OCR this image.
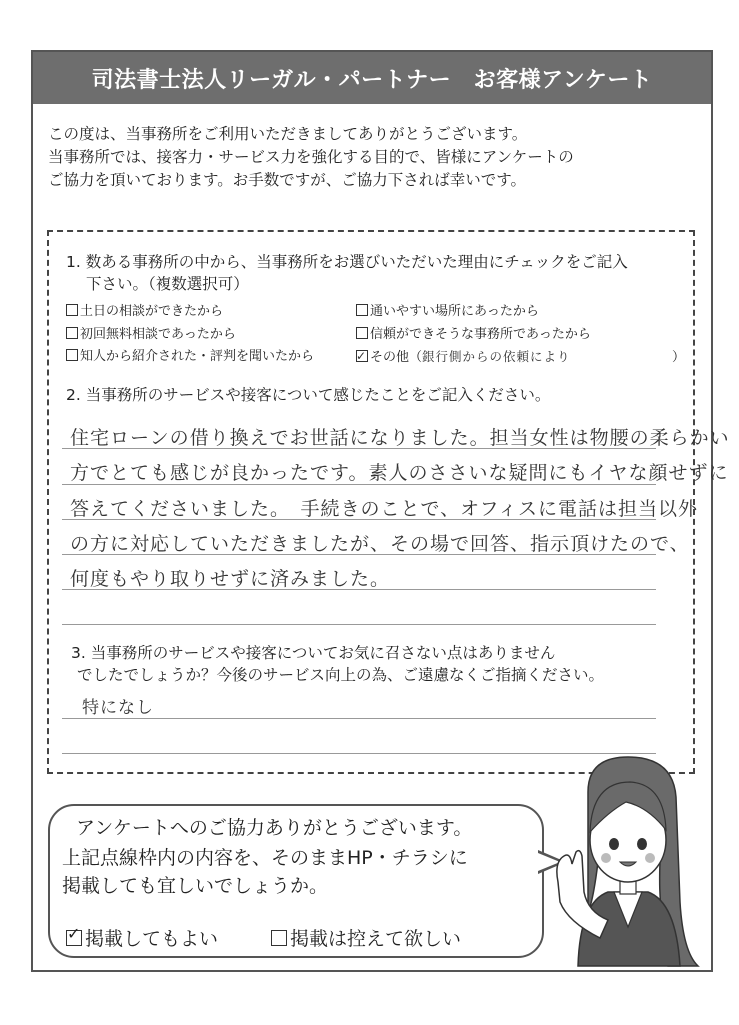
司法書士法人リーガル・パートナー　お客様アンケート
この度は、当事務所をご利用いただきましてありがとうございます。
当事務所では、接客力・サービス力を強化する目的で、皆様にアンケートの
ご協力を頂いております。お手数ですが、ご協力下されば幸いです。
1. 数ある事務所の中から、当事務所をお選びいただいた理由にチェックをご記入
下さい。（複数選択可）
土日の相談ができたから
初回無料相談であったから
知人から紹介された・評判を聞いたから
通いやすい場所にあったから
信頼ができそうな事務所であったから
✓その他（銀行側からの依頼により	）
2. 当事務所のサービスや接客について感じたことをご記入ください。
住宅ローンの借り換えでお世話になりました。担当女性は物腰の柔らかい
方でとても感じが良かったです。素人のささいな疑問にもイヤな顔せずに
答えてくださいました。　手続きのことで、オフィスに電話は担当以外
の方に対応していただきましたが、その場で回答、指示頂けたので、
何度もやり取りせずに済みました。
3. 当事務所のサービスや接客についてお気に召さない点はありません
でしたでしょうか？今後のサービス向上の為、ご遠慮なくご指摘ください。
特になし
アンケートへのご協力ありがとうございます。
上記点線枠内の内容を、そのままHP・チラシに
掲載しても宜しいでしょうか。
✓掲載してもよい	掲載は控えて欲しい
